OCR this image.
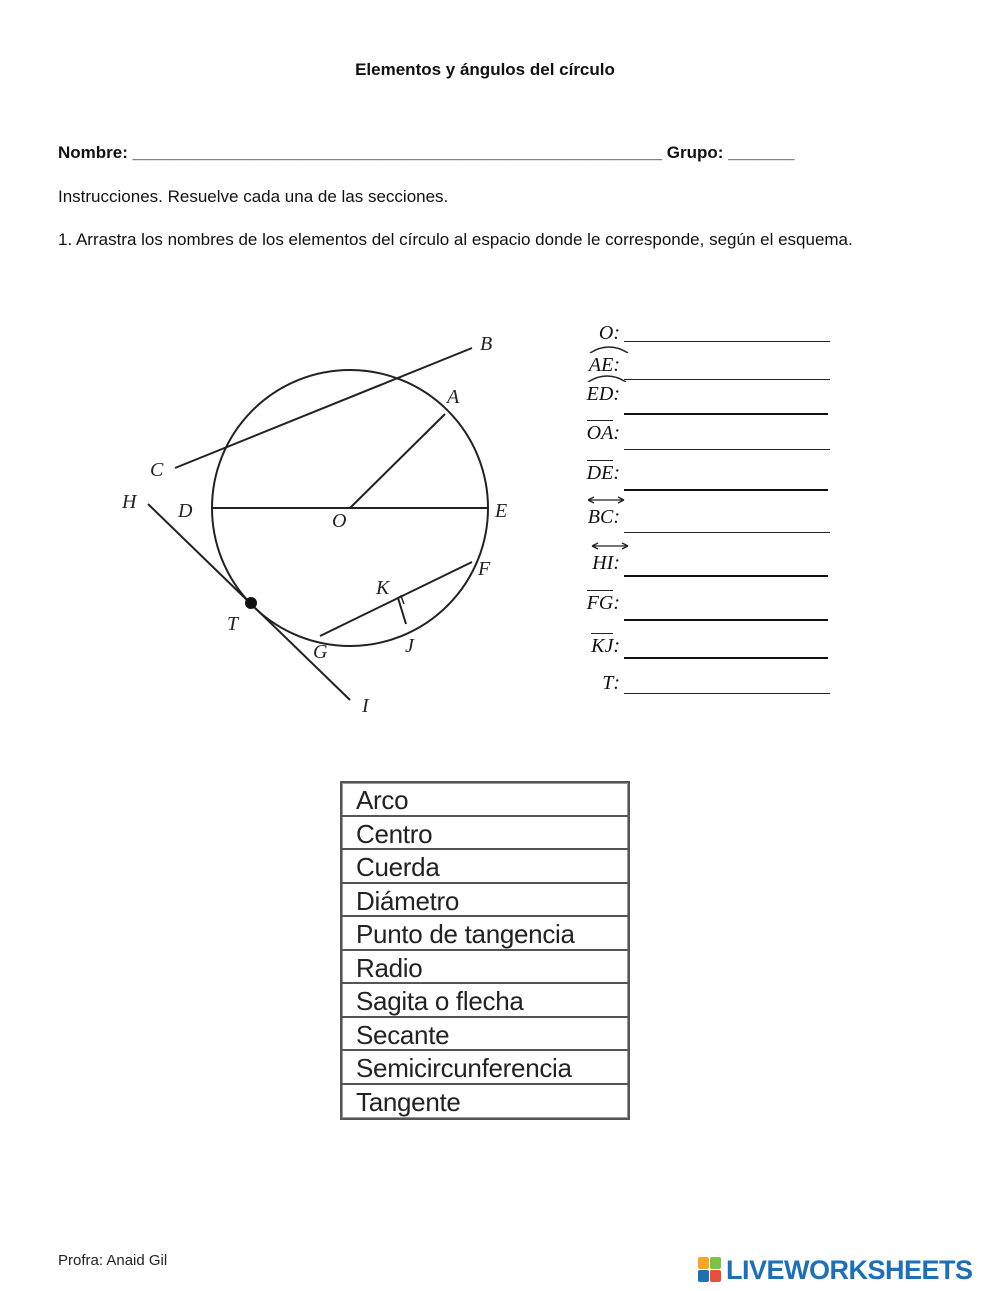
Elementos y ángulos del círculo
Nombre: ________________________________________________________ Grupo: _______
Instrucciones. Resuelve cada una de las secciones.
1. Arrastra los nombres de los elementos del círculo al espacio donde le corresponde, según el esquema.
B
A
C
H D	O	E
F
K
T
G	J
I
O:
AE:
ED:
OA:
DE:
BC:
HI:
FG:
KJ:
T:
Arco
Centro
Cuerda
Diámetro
Punto de tangencia
Radio
Sagita o flecha
Secante
Semicircunferencia
Tangente
Profra: Anaid Gil	LIVEWORKSHEETS
